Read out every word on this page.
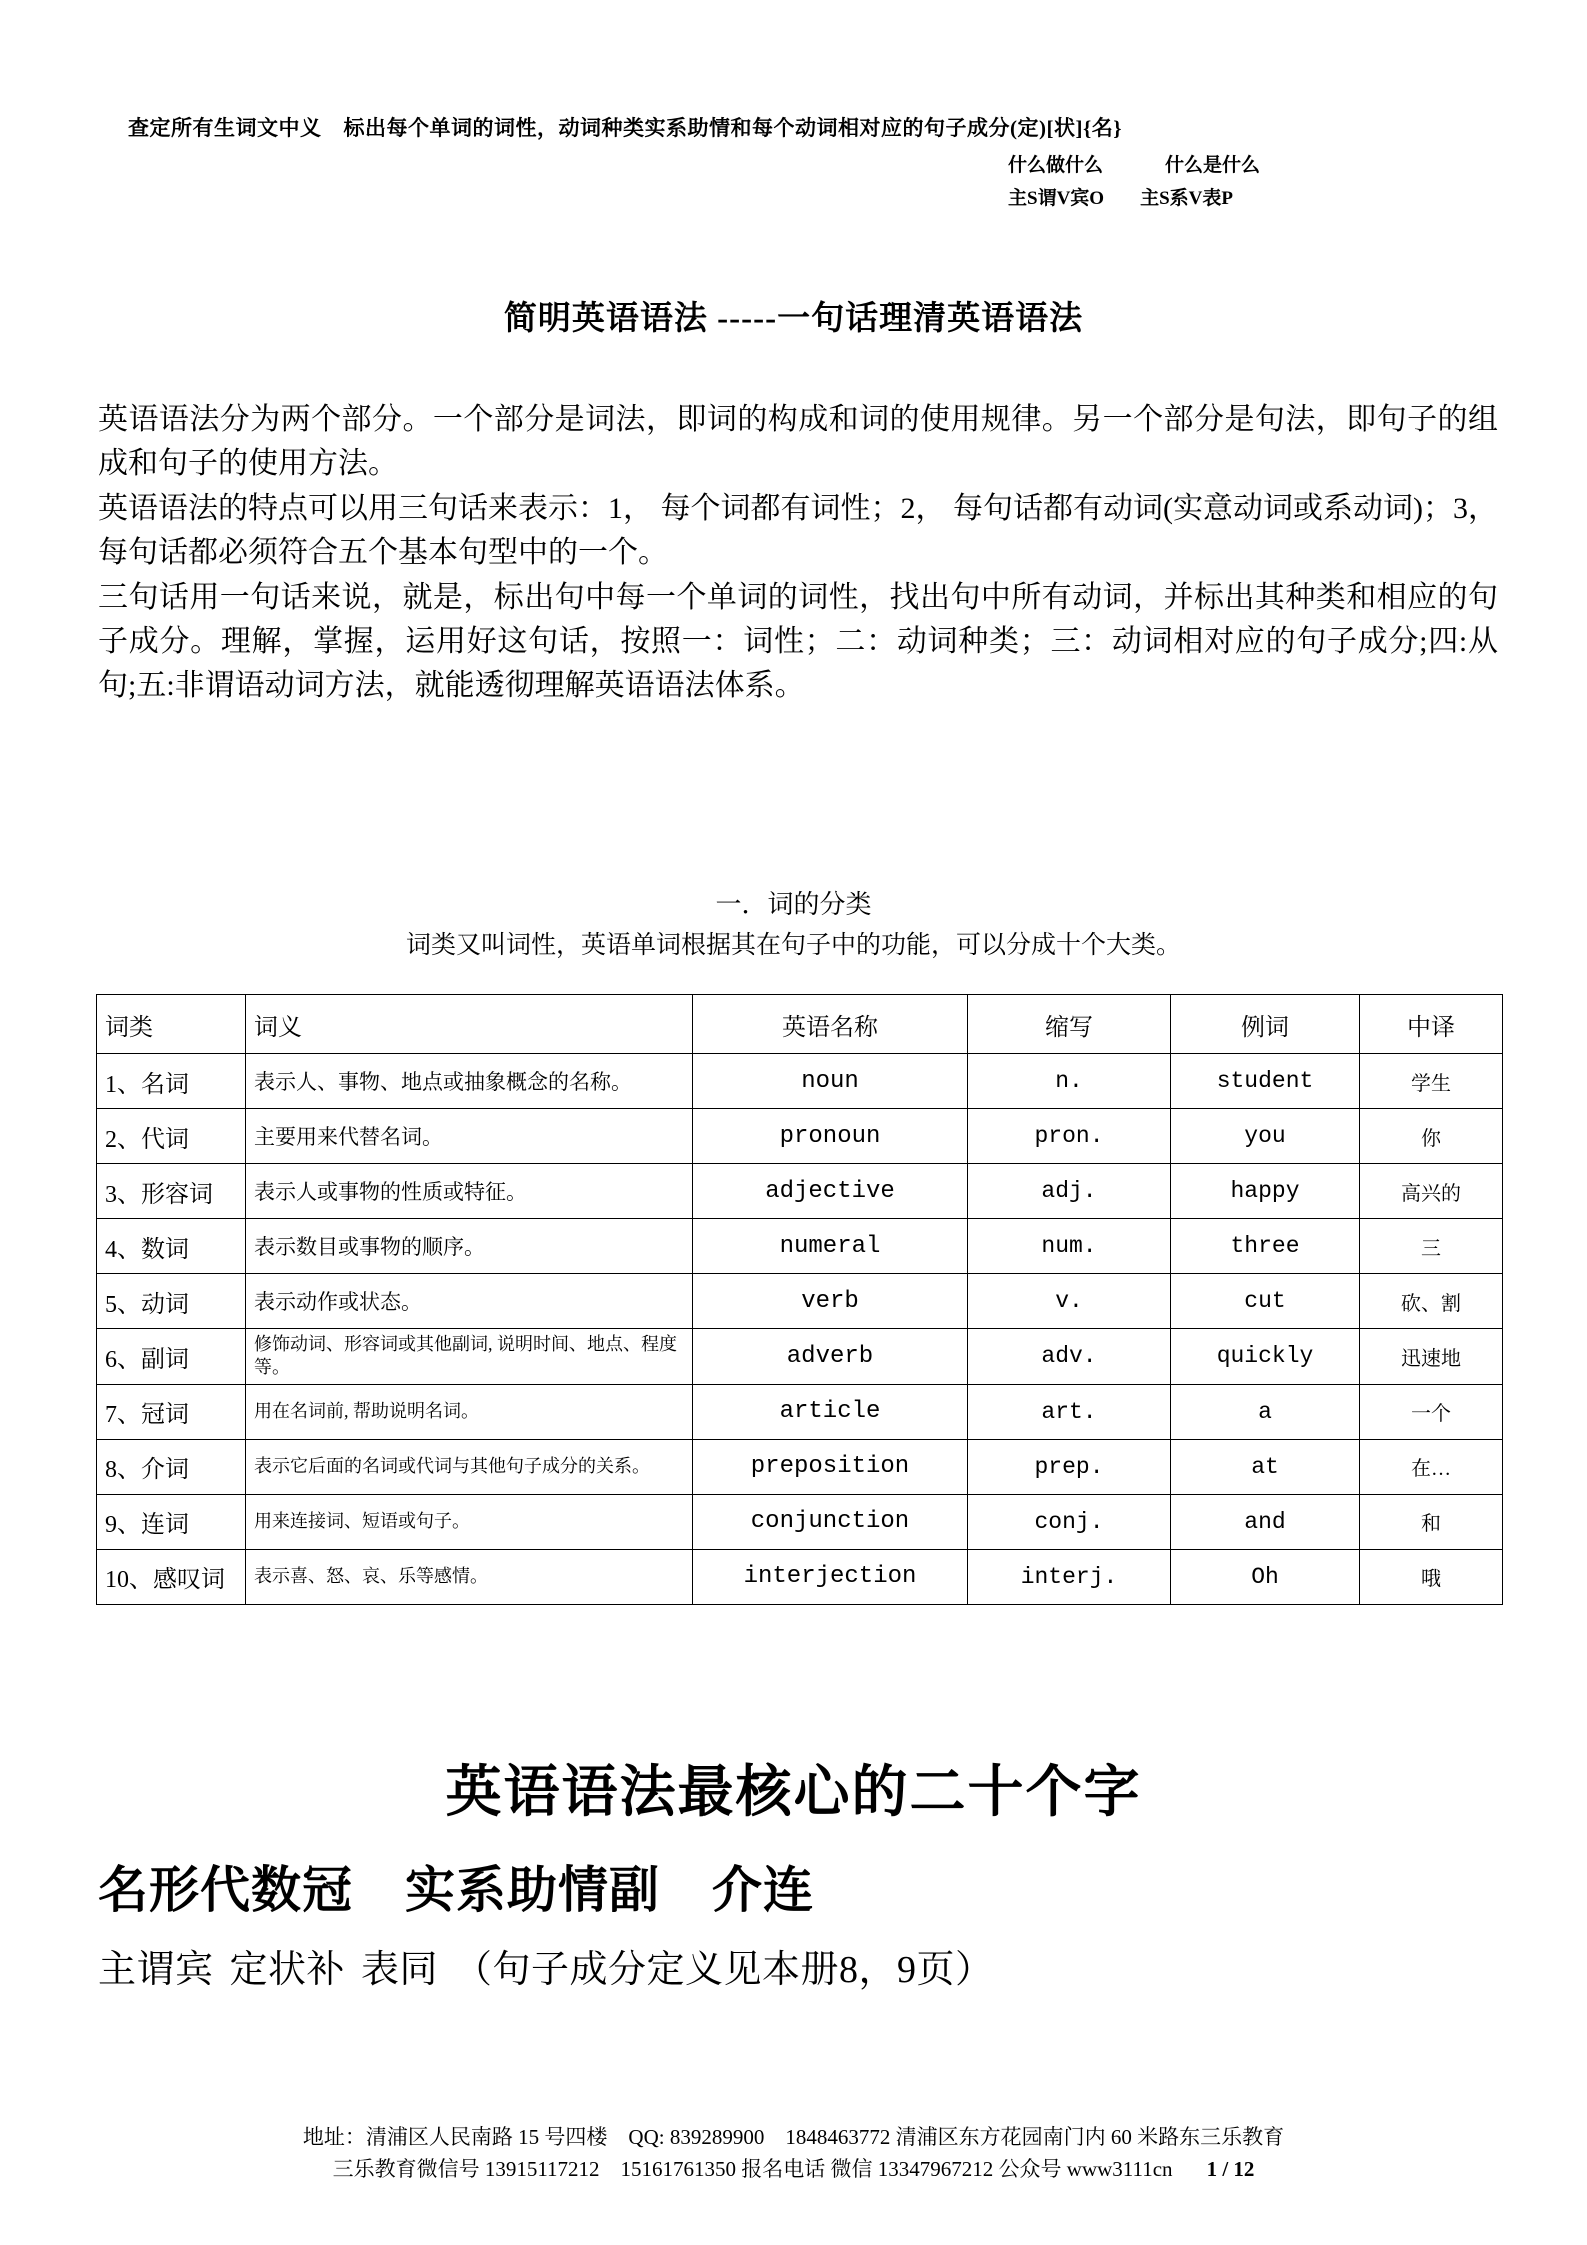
查定所有生词文中义 标出每个单词的词性，动词种类实系助情和每个动词相对应的句子成分(定)[状]{名}
什么做什么	什么是什么
主S谓V宾O 主S系V表P
简明英语语法 -----一句话理清英语语法

英语语法分为两个部分。一个部分是词法，即词的构成和词的使用规律。另一个部分是句法，即句子的组成和句子的使用方法。

英语语法的特点可以用三句话来表示：1， 每个词都有词性；2， 每句话都有动词(实意动词或系动词)；3，每句话都必须符合五个基本句型中的一个。

三句话用一句话来说，就是，标出句中每一个单词的词性，找出句中所有动词，并标出其种类和相应的句子成分。理解，掌握，运用好这句话，按照一：词性；二：动词种类；三：动词相对应的句子成分;四:从句;五:非谓语动词方法，就能透彻理解英语语法体系。

一．词的分类
词类又叫词性，英语单词根据其在句子中的功能，可以分成十个大类。
词类	词义	英语名称	缩写	例词	中译
1、名词	表示人、事物、地点或抽象概念的名称。	noun	n.	student	学生
2、代词	主要用来代替名词。	pronoun	pron.	you	你
3、形容词	表示人或事物的性质或特征。	adjective	adj.	happy	高兴的
4、数词	表示数目或事物的顺序。	numeral	num.	three	三
5、动词	表示动作或状态。	verb	v.	cut	砍、割
6、副词	修饰动词、形容词或其他副词, 说明时间、地点、程度等。	adverb	adv.	quickly	迅速地
7、冠词	用在名词前, 帮助说明名词。	article	art.	a	一个
8、介词	表示它后面的名词或代词与其他句子成分的关系。	preposition	prep.	at	在…
9、连词	用来连接词、短语或句子。	conjunction	conj.	and	和
10、感叹词	表示喜、怒、哀、乐等感情。	interjection	interj.	Oh	哦
英语语法最核心的二十个字
名形代数冠 实系助情副 介连
主谓宾 定状补 表同 （句子成分定义见本册8，9页）
地址：清浦区人民南路 15 号四楼　QQ: 839289900　1848463772 清浦区东方花园南门内 60 米路东三乐教育
三乐教育微信号 13915117212　15161761350 报名电话 微信 13347967212 公众号 www3111cn 1 / 12
